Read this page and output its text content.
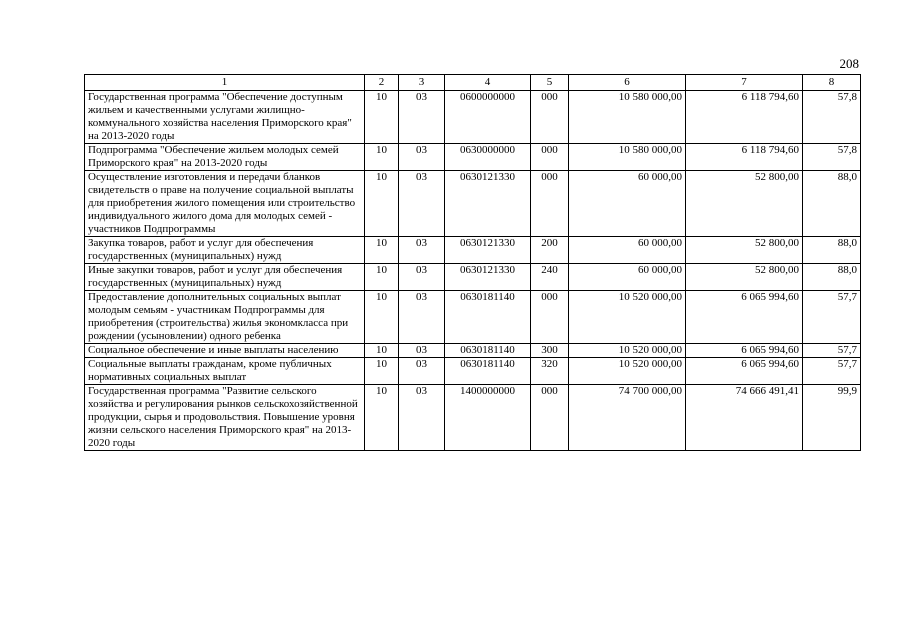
208
1	2	3	4	5	6	7	8
Государственная программа "Обеспечение доступным жильем и качественными услугами жилищно-коммунального хозяйства населения Приморского края" на 2013-2020 годы	10	03	0600000000	000	10 580 000,00	6 118 794,60	57,8
Подпрограмма "Обеспечение жильем молодых семей Приморского края" на 2013-2020 годы	10	03	0630000000	000	10 580 000,00	6 118 794,60	57,8
Осуществление изготовления и передачи бланков свидетельств о праве на получение социальной выплаты для приобретения жилого помещения или строительство индивидуального жилого дома для молодых семей - участников Подпрограммы	10	03	0630121330	000	60 000,00	52 800,00	88,0
Закупка товаров, работ и услуг для обеспечения государственных (муниципальных) нужд	10	03	0630121330	200	60 000,00	52 800,00	88,0
Иные закупки товаров, работ и услуг для обеспечения государственных (муниципальных) нужд	10	03	0630121330	240	60 000,00	52 800,00	88,0
Предоставление дополнительных социальных выплат молодым семьям - участникам Подпрограммы для приобретения (строительства) жилья экономкласса при рождении (усыновлении) одного ребенка	10	03	0630181140	000	10 520 000,00	6 065 994,60	57,7
Социальное обеспечение и иные выплаты населению	10	03	0630181140	300	10 520 000,00	6 065 994,60	57,7
Социальные выплаты гражданам, кроме публичных нормативных социальных выплат	10	03	0630181140	320	10 520 000,00	6 065 994,60	57,7
Государственная программа "Развитие сельского хозяйства и регулирования рынков сельскохозяйственной продукции, сырья и продовольствия. Повышение уровня жизни сельского населения Приморского края" на 2013-2020 годы	10	03	1400000000	000	74 700 000,00	74 666 491,41	99,9
